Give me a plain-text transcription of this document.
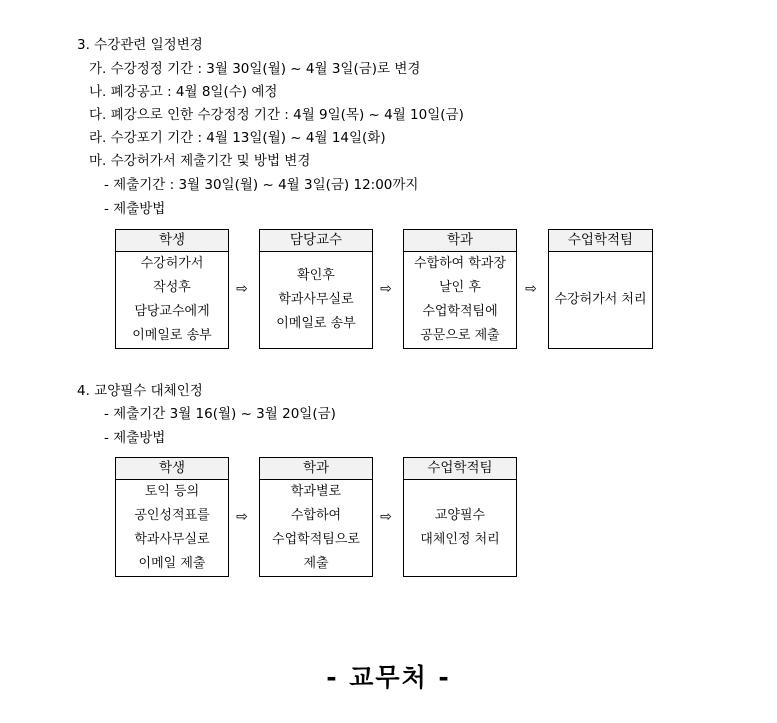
3. 수강관련 일정변경
가. 수강정정 기간 : 3월 30일(월) ~ 4월 3일(금)로 변경
나. 폐강공고 : 4월 8일(수) 예정
다. 폐강으로 인한 수강정정 기간 : 4월 9일(목) ~ 4월 10일(금)
라. 수강포기 기간 : 4월 13일(월) ~ 4월 14일(화)
마. 수강허가서 제출기간 및 방법 변경
- 제출기간 : 3월 30일(월) ~ 4월 3일(금) 12:00까지
- 제출방법
학생
수강허가서
작성후
담당교수에게
이메일로 송부
⇨
담당교수
확인후
학과사무실로
이메일로 송부
⇨
학과
수합하여 학과장
날인 후
수업학적팀에
공문으로 제출
⇨
수업학적팀
수강허가서 처리
4. 교양필수 대체인정
- 제출기간 3월 16(월) ~ 3월 20일(금)
- 제출방법
학생
토익 등의
공인성적표를
학과사무실로
이메일 제출
⇨
학과
학과별로
수합하여
수업학적팀으로
제출
⇨
수업학적팀
교양필수
대체인정 처리
- 교무처 -
